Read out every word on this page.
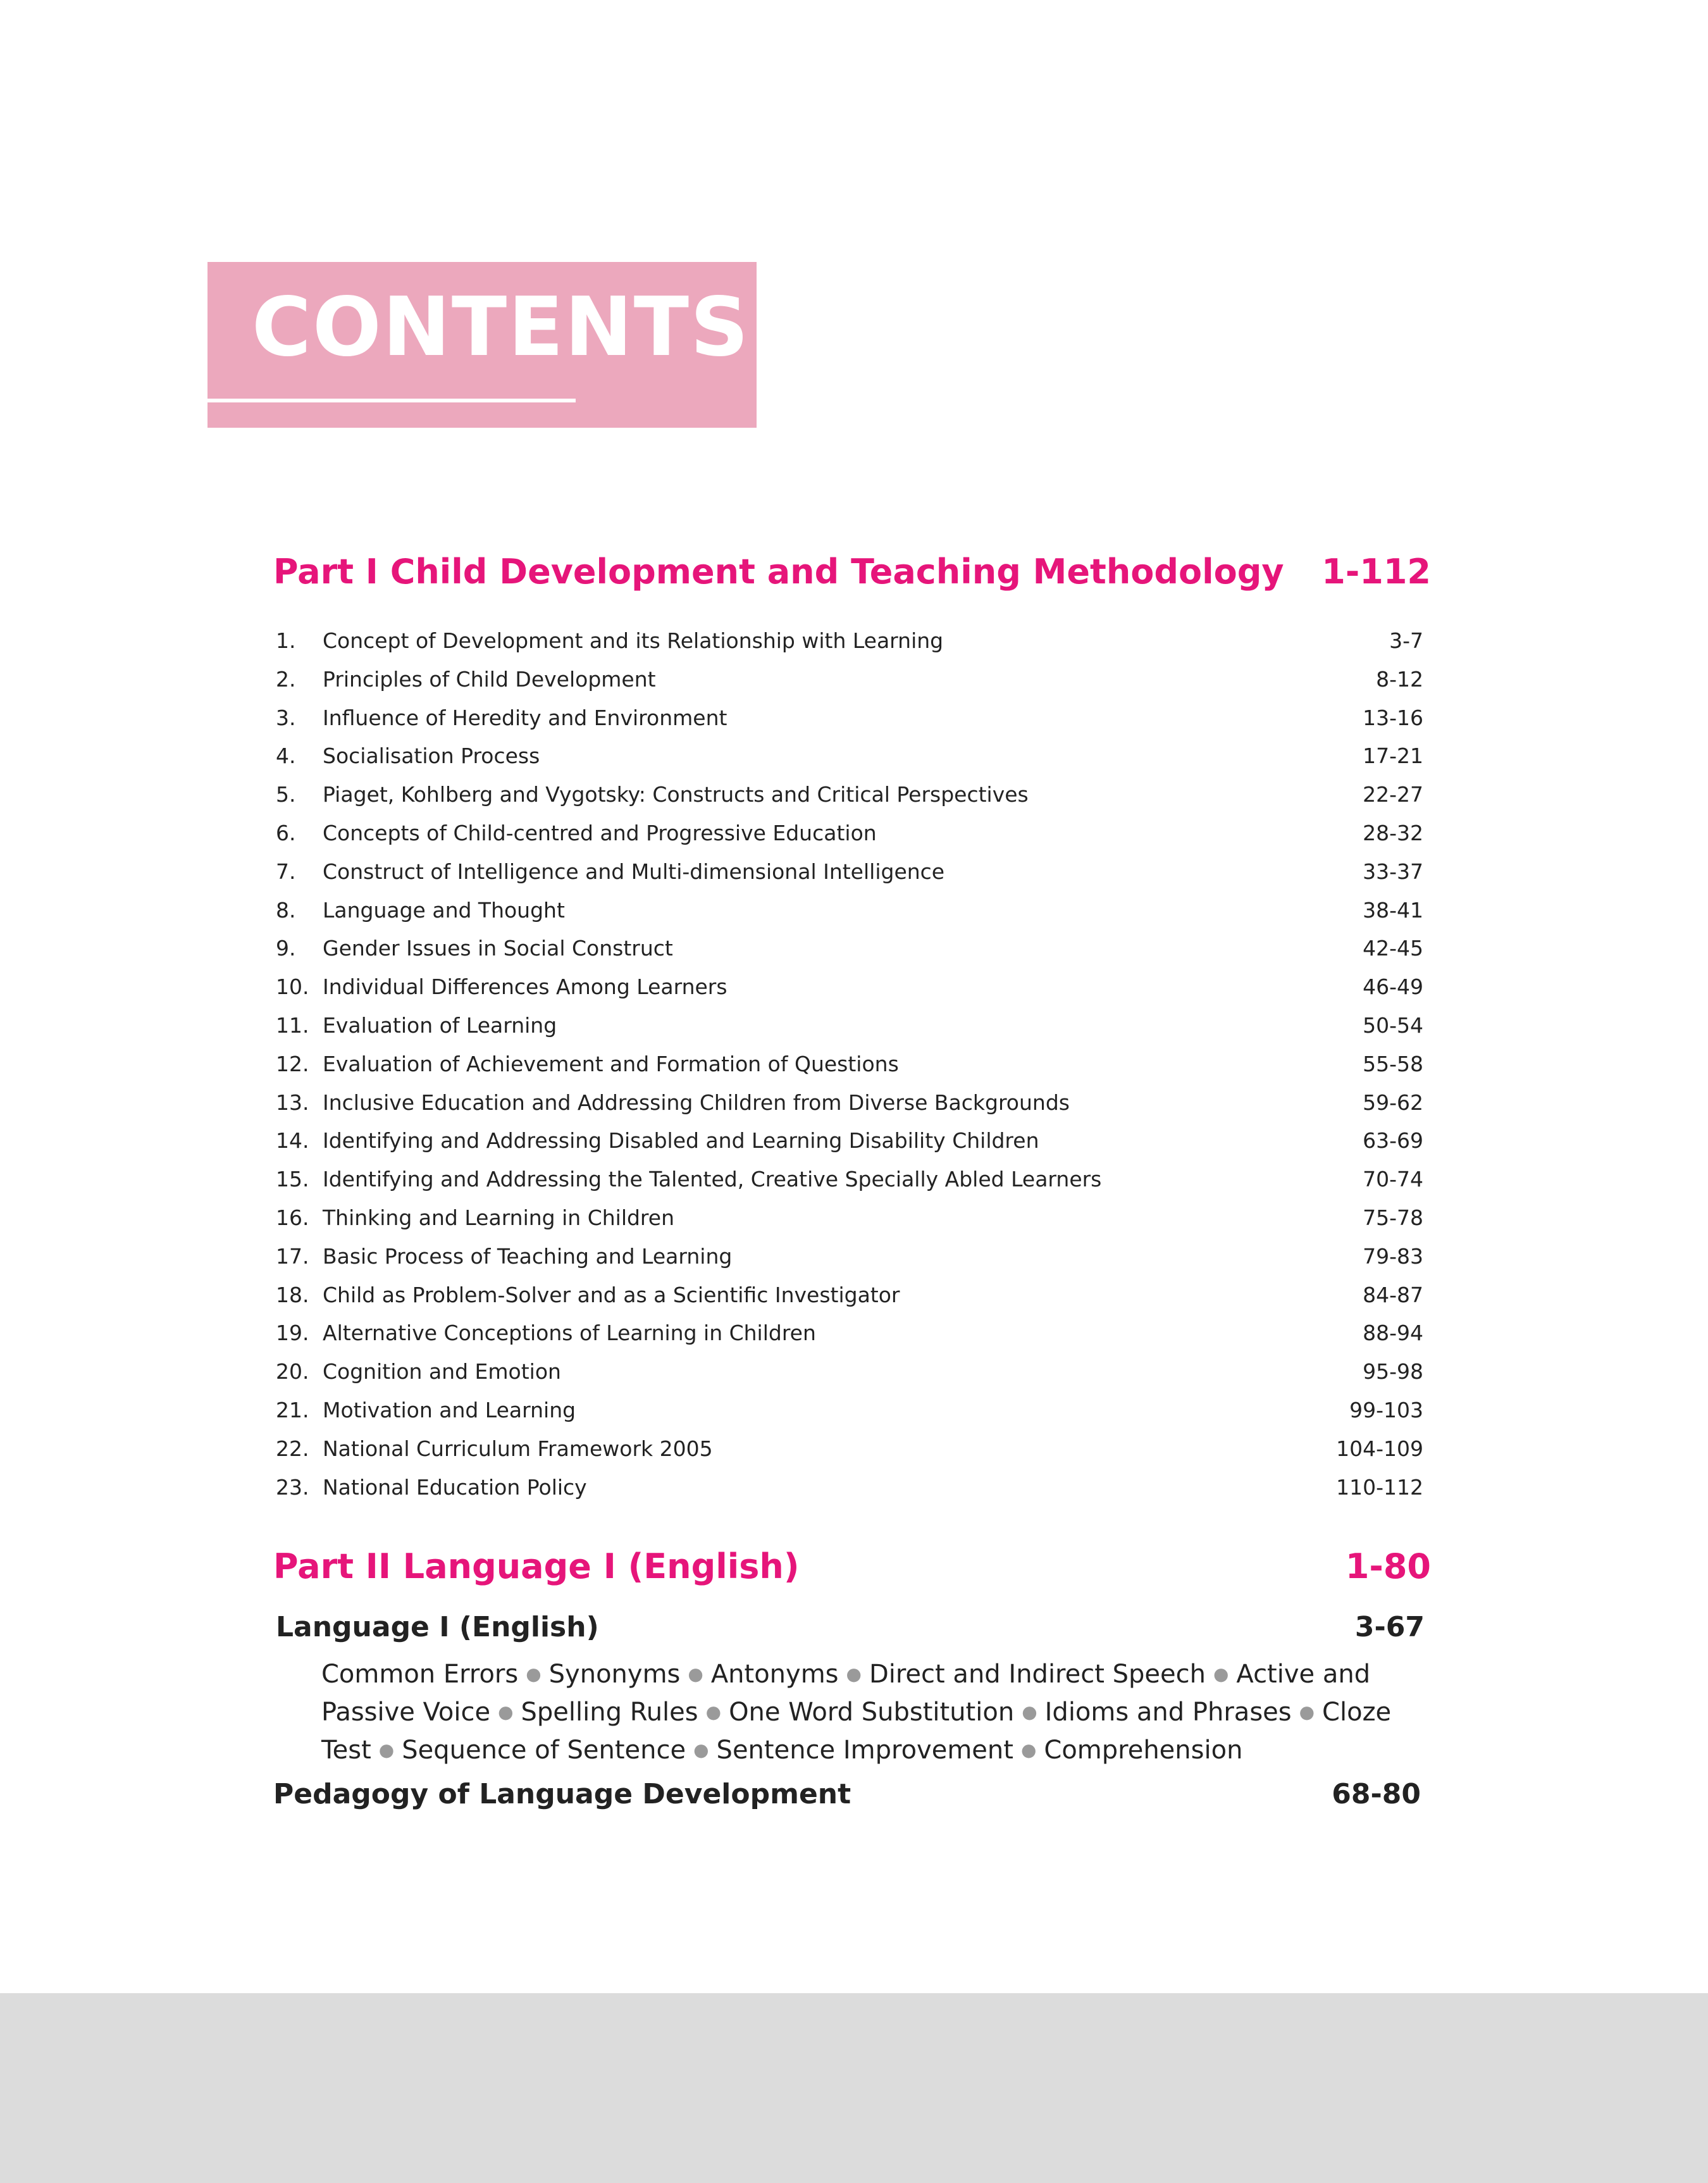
CONTENTS
Part I Child Development and Teaching Methodology 1-112
1. Concept of Development and its Relationship with Learning	3-7
2. Principles of Child Development	8-12
3. Influence of Heredity and Environment	13-16
4. Socialisation Process	17-21
5. Piaget, Kohlberg and Vygotsky: Constructs and Critical Perspectives	22-27
6. Concepts of Child-centred and Progressive Education	28-32
7. Construct of Intelligence and Multi-dimensional Intelligence	33-37
8. Language and Thought	38-41
9. Gender Issues in Social Construct	42-45
10. Individual Differences Among Learners	46-49
11. Evaluation of Learning	50-54
12. Evaluation of Achievement and Formation of Questions	55-58
13. Inclusive Education and Addressing Children from Diverse Backgrounds	59-62
14. Identifying and Addressing Disabled and Learning Disability Children	63-69
15. Identifying and Addressing the Talented, Creative Specially Abled Learners	70-74
16. Thinking and Learning in Children	75-78
17. Basic Process of Teaching and Learning	79-83
18. Child as Problem-Solver and as a Scientific Investigator	84-87
19. Alternative Conceptions of Learning in Children	88-94
20. Cognition and Emotion	95-98
21. Motivation and Learning	99-103
22. National Curriculum Framework 2005	104-109
23. National Education Policy	110-112
Part II Language I (English)	1-80
Language I (English)	3-67
Common Errors ● Synonyms ● Antonyms ● Direct and Indirect Speech ● Active and Passive Voice ● Spelling Rules ● One Word Substitution ● Idioms and Phrases ● Cloze Test ● Sequence of Sentence ● Sentence Improvement ● Comprehension
Pedagogy of Language Development	68-80
